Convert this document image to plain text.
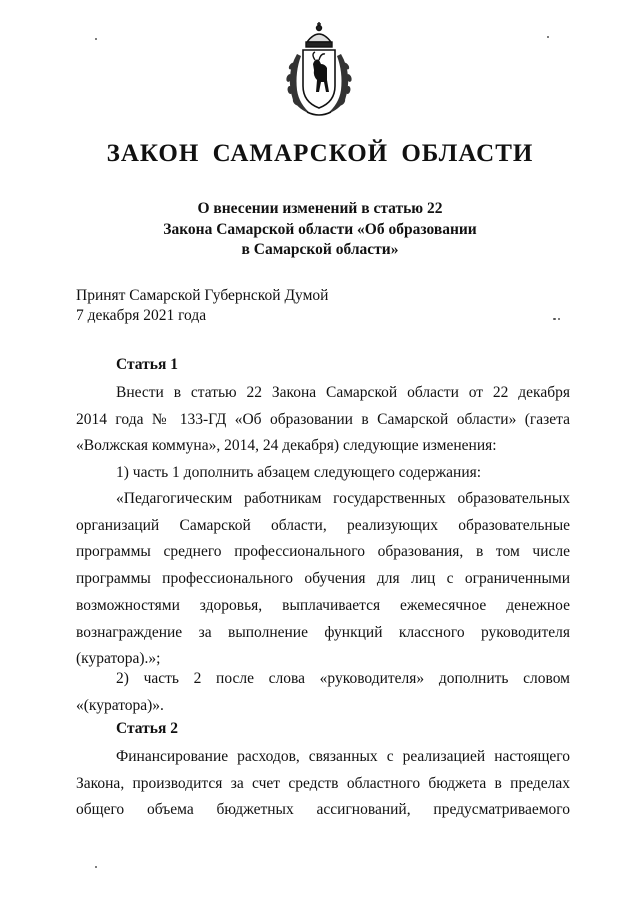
ЗАКОН САМАРСКОЙ ОБЛАСТИ
О внесении изменений в статью 22
Закона Самарской области «Об образовании
в Самарской области»
Принят Самарской Губернской Думой
7 декабря 2021 года
Статья 1
Внести в статью 22 Закона Самарской области от 22 декабря
2014 года № 133-ГД «Об образовании в Самарской области» (газета
«Волжская коммуна», 2014, 24 декабря) следующие изменения:
1) часть 1 дополнить абзацем следующего содержания:
«Педагогическим работникам государственных образовательных
организаций Самарской области, реализующих образовательные
программы среднего профессионального образования, в том числе
программы профессионального обучения для лиц с ограниченными
возможностями здоровья, выплачивается ежемесячное денежное
вознаграждение за выполнение функций классного руководителя
(куратора).»;
2) часть 2 после слова «руководителя» дополнить словом
«(куратора)».
Статья 2
Финансирование расходов, связанных с реализацией настоящего
Закона, производится за счет средств областного бюджета в пределах
общего объема бюджетных ассигнований, предусматриваемого
